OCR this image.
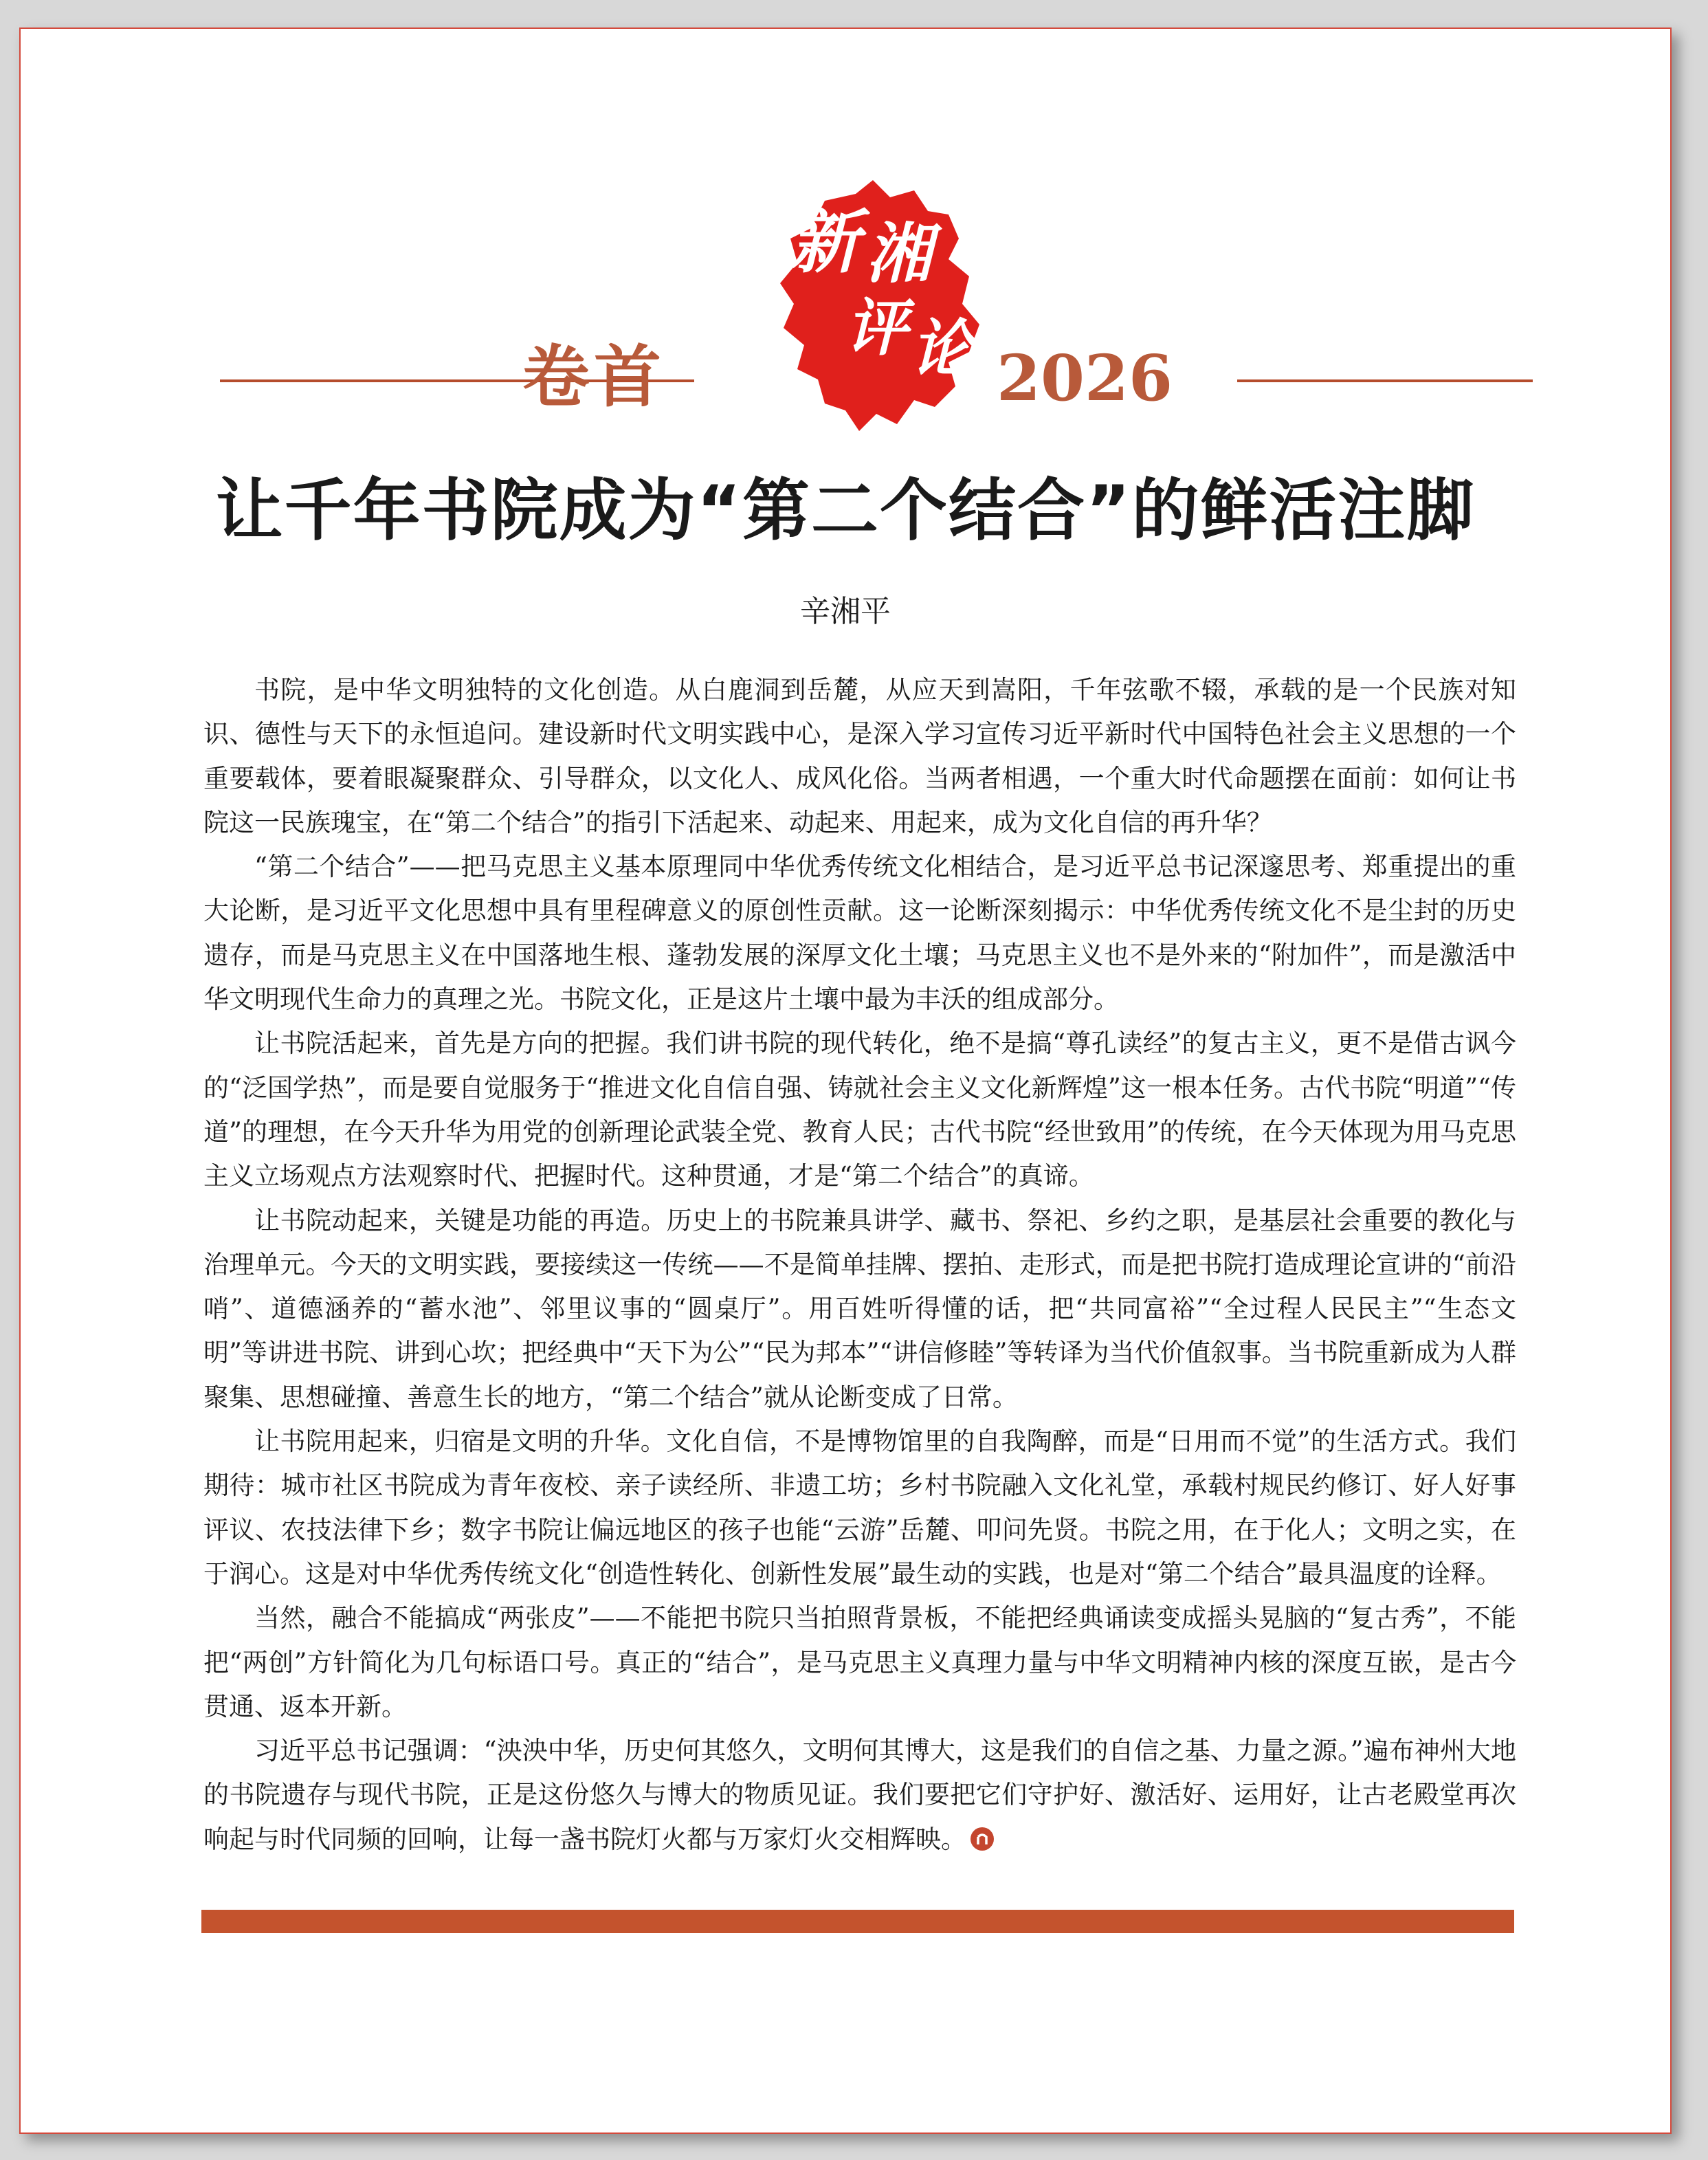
卷首	2026
新 湘
评 论
让千年书院成为“第二个结合”的鲜活注脚
辛湘平

书院，是中华文明独特的文化创造。从白鹿洞到岳麓，从应天到嵩阳，千年弦歌不辍，承载的是一个民族对知识、德性与天下的永恒追问。建设新时代文明实践中心，是深入学习宣传习近平新时代中国特色社会主义思想的一个重要载体，要着眼凝聚群众、引导群众，以文化人、成风化俗。当两者相遇，一个重大时代命题摆在面前：如何让书院这一民族瑰宝，在“第二个结合”的指引下活起来、动起来、用起来，成为文化自信的再升华？

“第二个结合”——把马克思主义基本原理同中华优秀传统文化相结合，是习近平总书记深邃思考、郑重提出的重大论断，是习近平文化思想中具有里程碑意义的原创性贡献。这一论断深刻揭示：中华优秀传统文化不是尘封的历史遗存，而是马克思主义在中国落地生根、蓬勃发展的深厚文化土壤；马克思主义也不是外来的“附加件”，而是激活中华文明现代生命力的真理之光。书院文化，正是这片土壤中最为丰沃的组成部分。

让书院活起来，首先是方向的把握。我们讲书院的现代转化，绝不是搞“尊孔读经”的复古主义，更不是借古讽今的“泛国学热”，而是要自觉服务于“推进文化自信自强、铸就社会主义文化新辉煌”这一根本任务。古代书院“明道”“传道”的理想，在今天升华为用党的创新理论武装全党、教育人民；古代书院“经世致用”的传统，在今天体现为用马克思主义立场观点方法观察时代、把握时代。这种贯通，才是“第二个结合”的真谛。

让书院动起来，关键是功能的再造。历史上的书院兼具讲学、藏书、祭祀、乡约之职，是基层社会重要的教化与治理单元。今天的文明实践，要接续这一传统——不是简单挂牌、摆拍、走形式，而是把书院打造成理论宣讲的“前沿哨”、道德涵养的“蓄水池”、邻里议事的“圆桌厅”。用百姓听得懂的话，把“共同富裕”“全过程人民民主”“生态文明”等讲进书院、讲到心坎；把经典中“天下为公”“民为邦本”“讲信修睦”等转译为当代价值叙事。当书院重新成为人群聚集、思想碰撞、善意生长的地方，“第二个结合”就从论断变成了日常。

让书院用起来，归宿是文明的升华。文化自信，不是博物馆里的自我陶醉，而是“日用而不觉”的生活方式。我们期待：城市社区书院成为青年夜校、亲子读经所、非遗工坊；乡村书院融入文化礼堂，承载村规民约修订、好人好事评议、农技法律下乡；数字书院让偏远地区的孩子也能“云游”岳麓、叩问先贤。书院之用，在于化人；文明之实，在于润心。这是对中华优秀传统文化“创造性转化、创新性发展”最生动的实践，也是对“第二个结合”最具温度的诠释。

当然，融合不能搞成“两张皮”——不能把书院只当拍照背景板，不能把经典诵读变成摇头晃脑的“复古秀”，不能把“两创”方针简化为几句标语口号。真正的“结合”，是马克思主义真理力量与中华文明精神内核的深度互嵌，是古今贯通、返本开新。

习近平总书记强调：“泱泱中华，历史何其悠久，文明何其博大，这是我们的自信之基、力量之源。”遍布神州大地的书院遗存与现代书院，正是这份悠久与博大的物质见证。我们要把它们守护好、激活好、运用好，让古老殿堂再次响起与时代同频的回响，让每一盏书院灯火都与万家灯火交相辉映。
